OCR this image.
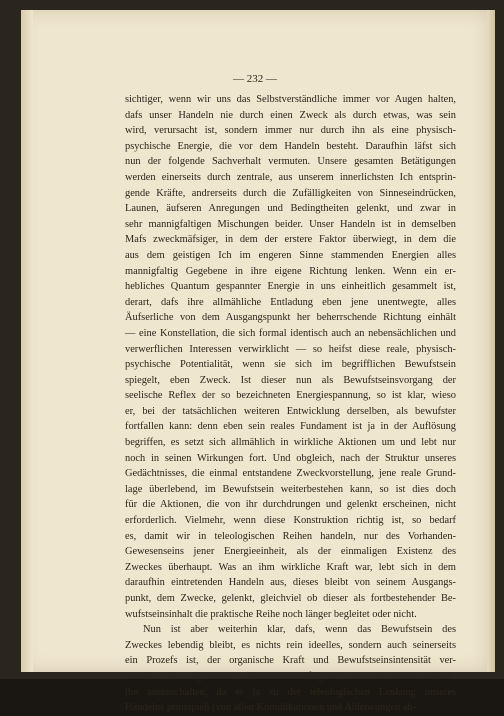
— 232 —
sichtiger, wenn wir uns das Selbstverständliche immer vor Augen halten,
dafs unser Handeln nie durch einen Zweck als durch etwas, was sein
wird, verursacht ist, sondern immer nur durch ihn als eine physisch-
psychische Energie, die vor dem Handeln besteht. Daraufhin läfst sich
nun der folgende Sachverhalt vermuten. Unsere gesamten Betätigungen
werden einerseits durch zentrale, aus unserem innerlichsten Ich entsprin-
gende Kräfte, andrerseits durch die Zufälligkeiten von Sinneseindrücken,
Launen, äufseren Anregungen und Bedingtheiten gelenkt, und zwar in
sehr mannigfaltigen Mischungen beider. Unser Handeln ist in demselben
Mafs zweckmäfsiger, in dem der erstere Faktor überwiegt, in dem die
aus dem geistigen Ich im engeren Sinne stammenden Energien alles
mannigfaltig Gegebene in ihre eigene Richtung lenken. Wenn ein er-
hebliches Quantum gespannter Energie in uns einheitlich gesammelt ist,
derart, dafs ihre allmähliche Entladung eben jene unentwegte, alles
Äufserliche von dem Ausgangspunkt her beherrschende Richtung einhält
— eine Konstellation, die sich formal identisch auch an nebensächlichen und
verwerflichen Interessen verwirklicht — so heifst diese reale, physisch-
psychische Potentialität, wenn sie sich im begrifflichen Bewufstsein
spiegelt, eben Zweck. Ist dieser nun als Bewufstseinsvorgang der
seelische Reflex der so bezeichneten Energiespannung, so ist klar, wieso
er, bei der tatsächlichen weiteren Entwicklung derselben, als bewufster
fortfallen kann: denn eben sein reales Fundament ist ja in der Auflösung
begriffen, es setzt sich allmählich in wirkliche Aktionen um und lebt nur
noch in seinen Wirkungen fort. Und obgleich, nach der Struktur unseres
Gedächtnisses, die einmal entstandene Zweckvorstellung, jene reale Grund-
lage überlebend, im Bewufstsein weiterbestehen kann, so ist dies doch
für die Aktionen, die von ihr durchdrungen und gelenkt erscheinen, nicht
erforderlich. Vielmehr, wenn diese Konstruktion richtig ist, so bedarf
es, damit wir in teleologischen Reihen handeln, nur des Vorhanden-
Gewesenseins jener Energieeinheit, als der einmaligen Existenz des
Zweckes überhaupt. Was an ihm wirkliche Kraft war, lebt sich in dem
daraufhin eintretenden Handeln aus, dieses bleibt von seinem Ausgangs-
punkt, dem Zwecke, gelenkt, gleichviel ob dieser als fortbestehender Be-
wufstseinsinhalt die praktische Reihe noch länger begleitet oder nicht.
Nun ist aber weiterhin klar, dafs, wenn das Bewufstsein des
Zweckes lebendig bleibt, es nichts rein ideelles, sondern auch seinerseits
ein Prozefs ist, der organische Kraft und Bewufstseinsintensität ver-
braucht. Die allgemeine Lebenszweckmäfsigkeit wird also dahin streben,
ihn auszuschalten, da er ja zu der teleologischen Lenkung unseres
Handelns prinzipiell (von allen Komplikationen und Ablenkungen ab-
